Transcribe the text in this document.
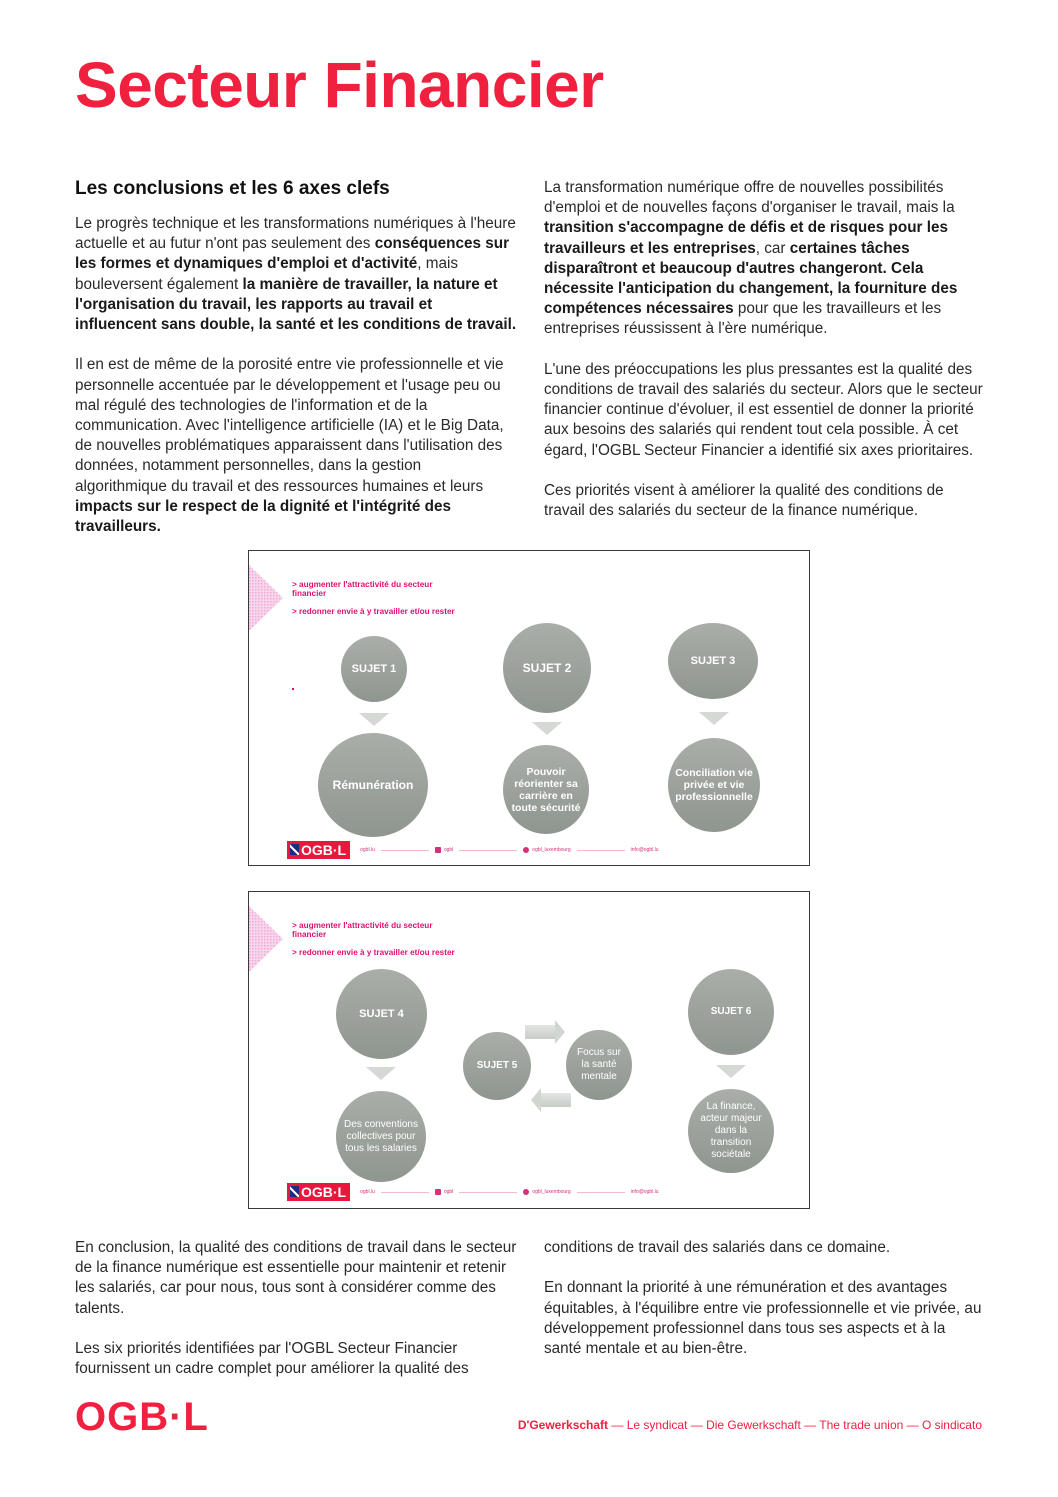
Secteur Financier
Les conclusions et les 6 axes clefs

Le progrès technique et les transformations numériques à l'heure actuelle et au futur n'ont pas seulement des conséquences sur les formes et dynamiques d'emploi et d'activité, mais bouleversent également la manière de travailler, la nature et l'organisation du travail, les rapports au travail et influencent sans double, la santé et les conditions de travail.

Il en est de même de la porosité entre vie professionnelle et vie personnelle accentuée par le développement et l'usage peu ou mal régulé des technologies de l'information et de la communication. Avec l'intelligence artificielle (IA) et le Big Data, de nouvelles problématiques apparaissent dans l'utilisation des données, notamment personnelles, dans la gestion algorithmique du travail et des ressources humaines et leurs impacts sur le respect de la dignité et l'intégrité des travailleurs.

La transformation numérique offre de nouvelles possibilités d'emploi et de nouvelles façons d'organiser le travail, mais la transition s'accompagne de défis et de risques pour les travailleurs et les entreprises, car certaines tâches disparaîtront et beaucoup d'autres changeront. Cela nécessite l'anticipation du changement, la fourniture des compétences nécessaires pour que les travailleurs et les entreprises réussissent à l'ère numérique.

L'une des préoccupations les plus pressantes est la qualité des conditions de travail des salariés du secteur. Alors que le secteur financier continue d'évoluer, il est essentiel de donner la priorité aux besoins des salariés qui rendent tout cela possible. À cet égard, l'OGBL Secteur Financier a identifié six axes prioritaires.

Ces priorités visent à améliorer la qualité des conditions de travail des salariés du secteur de la finance numérique.

> augmenter l'attractivité du secteur financier
> redonner envie à y travailler et/ou rester
SUJET 1
Rémunération
SUJET 2
Pouvoir réorienter sa carrière en toute sécurité
SUJET 3
Conciliation vie privée et vie professionnelle
OGB·L	ogbl.lu	ogbl	ogbl_luxembourg	info@ogbl.lu
> augmenter l'attractivité du secteur financier
> redonner envie à y travailler et/ou rester
SUJET 4
Des conventions collectives pour tous les salaries
SUJET 5
Focus sur la santé mentale
SUJET 6
La finance, acteur majeur dans la transition sociétale
OGB·L	ogbl.lu	ogbl	ogbl_luxembourg	info@ogbl.lu

En conclusion, la qualité des conditions de travail dans le secteur de la finance numérique est essentielle pour maintenir et retenir les salariés, car pour nous, tous sont à considérer comme des talents.

Les six priorités identifiées par l'OGBL Secteur Financier fournissent un cadre complet pour améliorer la qualité des

conditions de travail des salariés dans ce domaine.

En donnant la priorité à une rémunération et des avantages équitables, à l'équilibre entre vie professionnelle et vie privée, au développement professionnel dans tous ses aspects et à la santé mentale et au bien-être.

OGB·L	D'Gewerkschaft — Le syndicat — Die Gewerkschaft — The trade union — O sindicato
